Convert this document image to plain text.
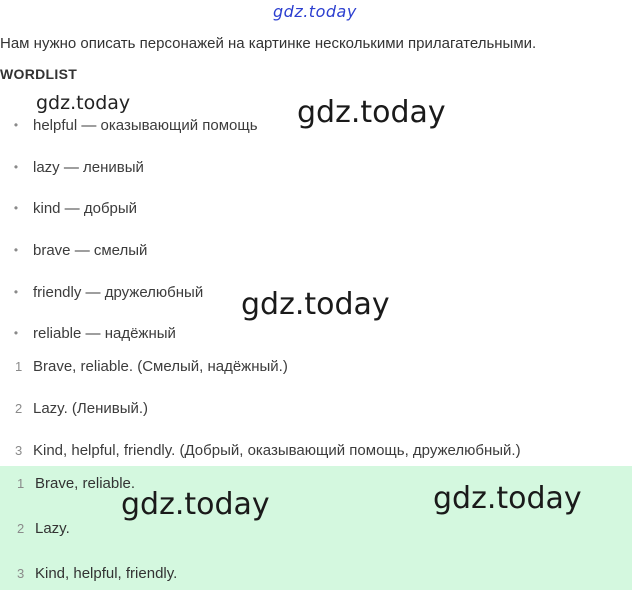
gdz.today
Нам нужно описать персонажей на картинке несколькими прилагательными.
WORDLIST
• helpful — оказывающий помощь
• lazy — ленивый
• kind — добрый
• brave — смелый
• friendly — дружелюбный
• reliable — надёжный
1 Brave, reliable. (Смелый, надёжный.)
2 Lazy. (Ленивый.)
3 Kind, helpful, friendly. (Добрый, оказывающий помощь, дружелюбный.)
1 Brave, reliable.
2 Lazy.
3 Kind, helpful, friendly.
gdz.today	gdz.today
gdz.today
gdz.today	gdz.today
